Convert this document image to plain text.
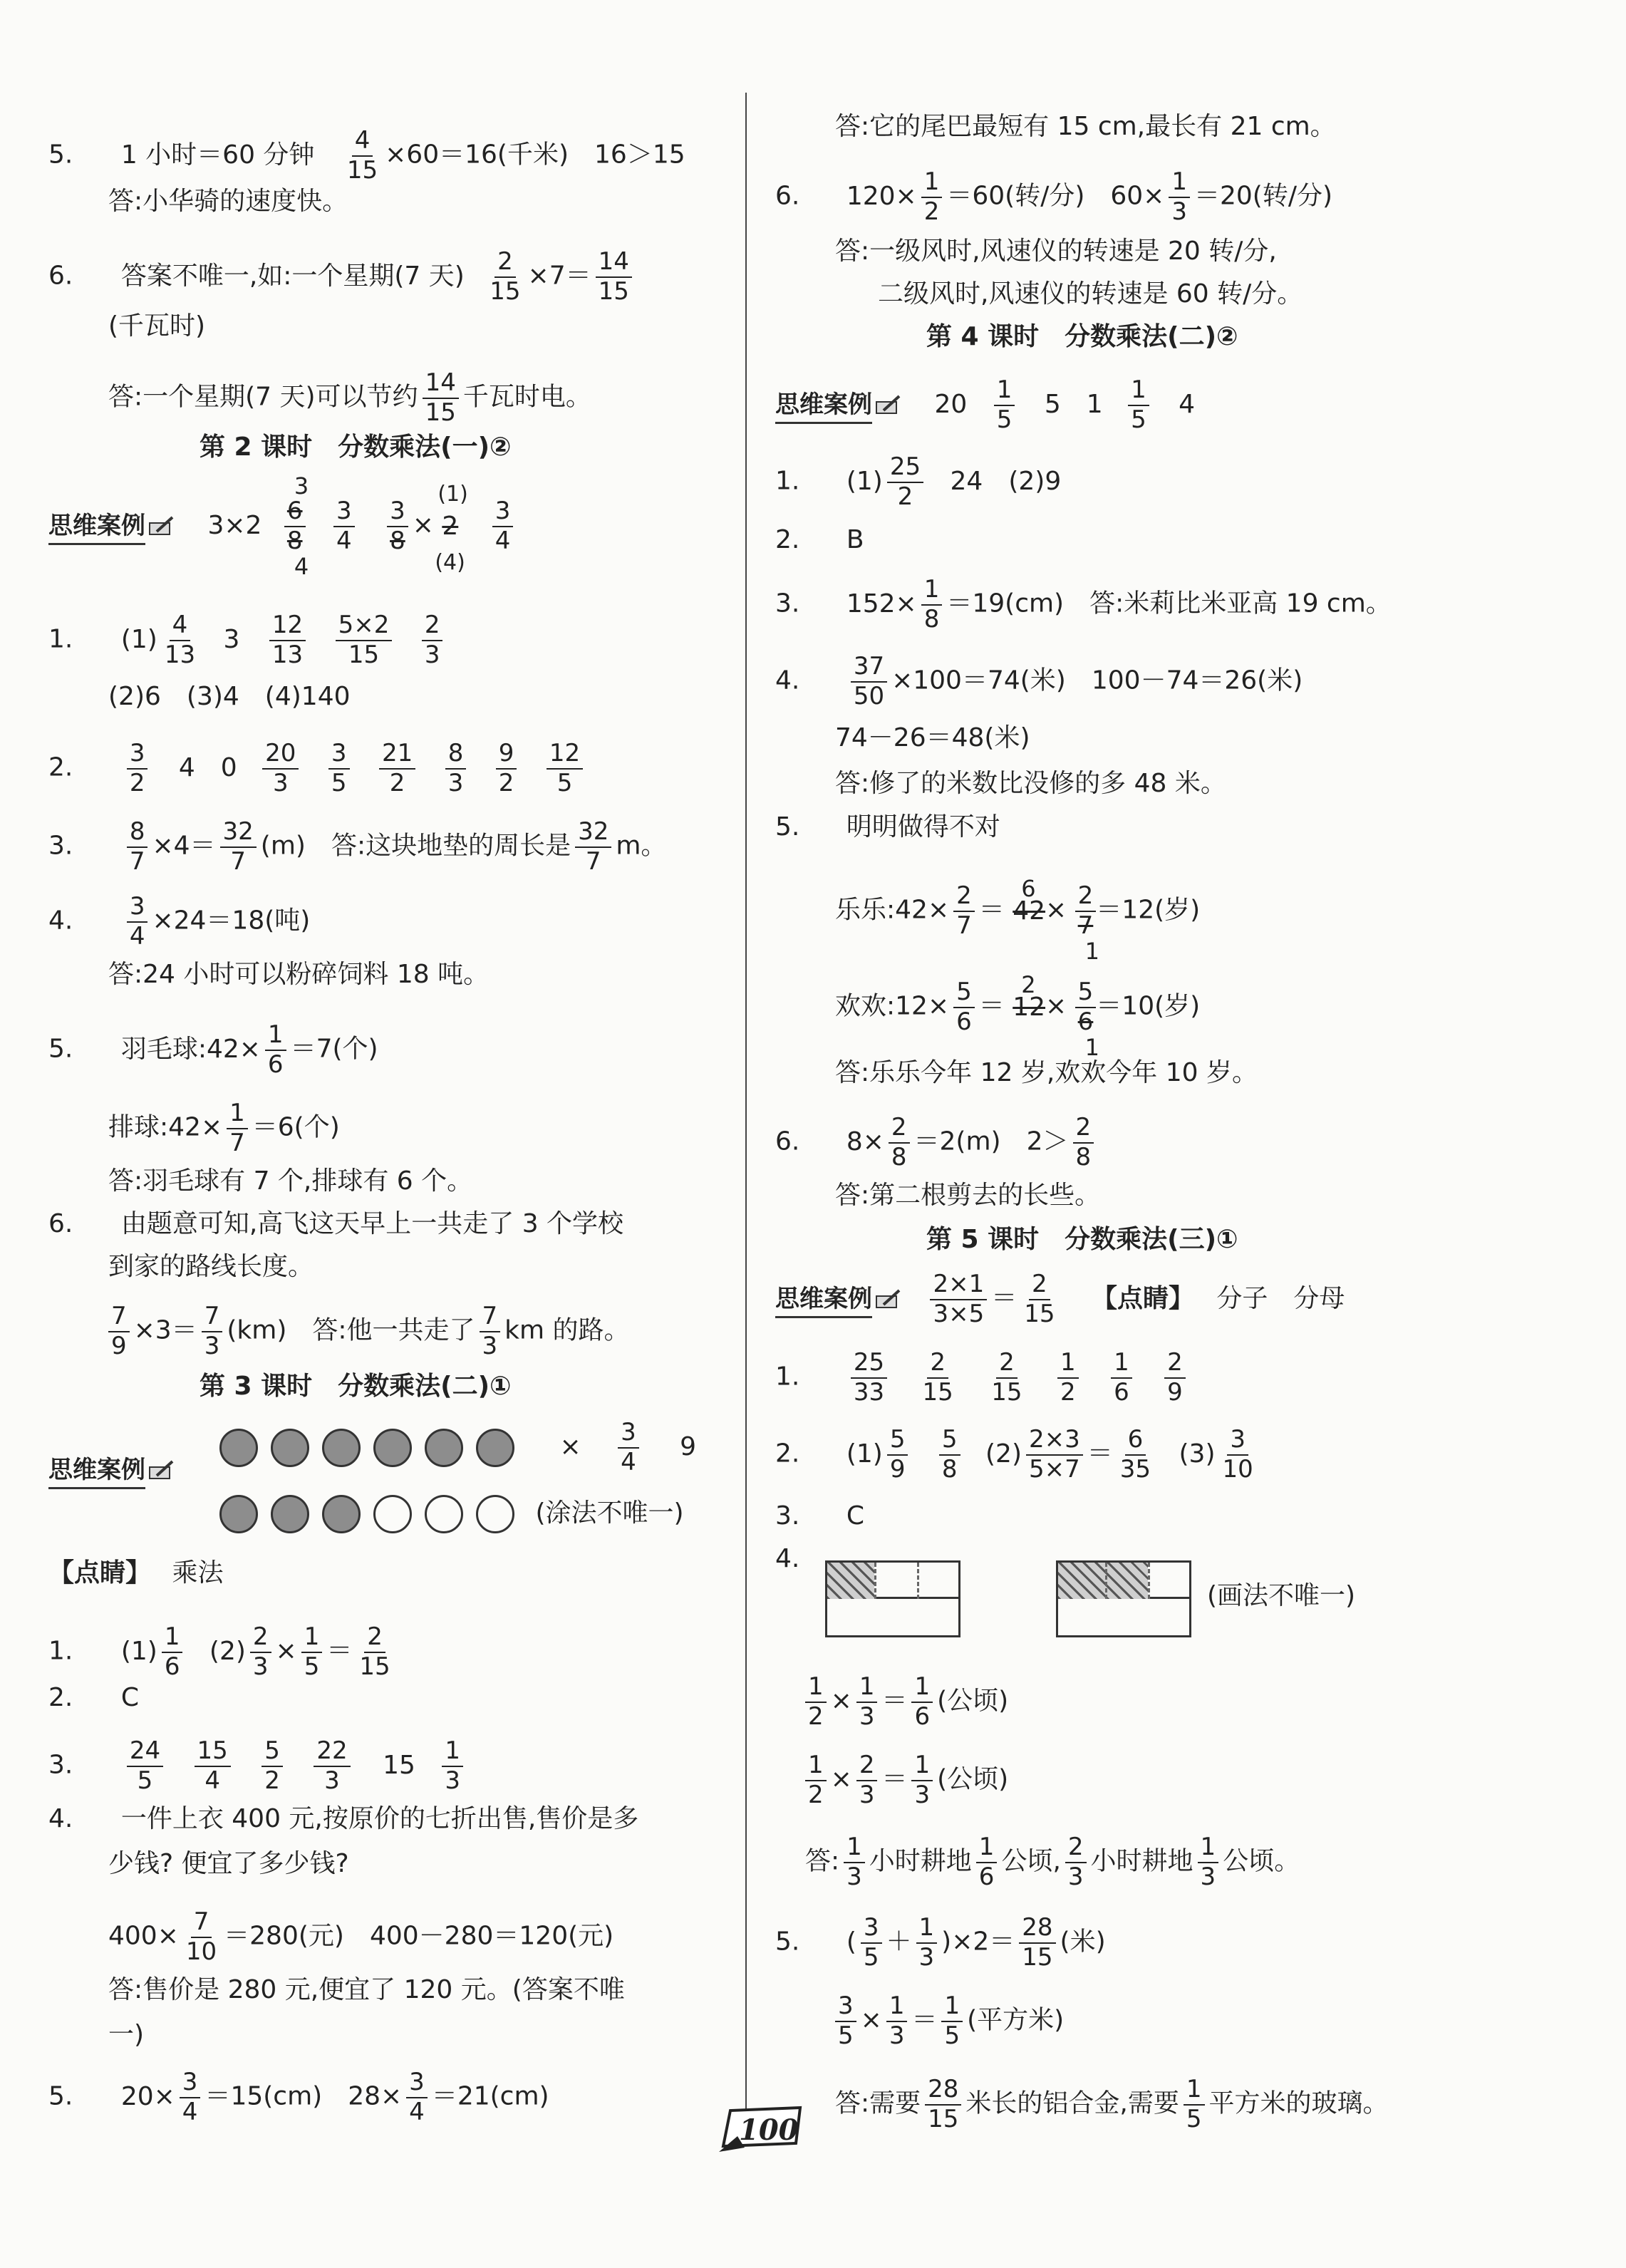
5. 1 小时＝60 分钟 $\frac{4}{15} \times 60=16$(千米)　16＞15
答:小华骑的速度快。
6. 答案不唯一,如:一个星期(7 天) $\frac{2}{15} \times 7= \frac{14}{15}$
(千瓦时)
答:一个星期(7 天)可以节约 $\frac{14}{15}$ 千瓦时电。
第 2 课时　分数乘法(一)②
思维案例 3×2
3
$\frac{6}{8}$
4

$\frac{3}{4}$
$\frac{3}{8}$ ×
(1)
2
(4)

$\frac{3}{4}$
1. $(1) \frac{4}{13} 3 \frac{12}{13}$
$\frac{5\times 2}{15}$
$\frac{2}{3}$
(2)6　(3)4　(4)140
2. $\frac{3}{2} 4$　$0 \frac{20}{3}$
$\frac{3}{5}$
$\frac{21}{2}$
$\frac{8}{3}$
$\frac{9}{2}$
$\frac{12}{5}$
3. $\frac{8}{7} \times 4= \frac{32}{7} (m)$　答:这块地垫的周长是 $\frac{32}{7}$ m。
4. $\frac{3}{4} \times 24=18$(吨)
答:24 小时可以粉碎饲料 18 吨。
5. 羽毛球:42× $\frac{1}{6} =7$(个)
排球:42× $\frac{1}{7} =6$(个)
答:羽毛球有 7 个,排球有 6 个。
6. 由题意可知,高飞这天早上一共走了 3 个学校
到家的路线长度。
$\frac{7}{9} \times 3= \frac{7}{3} (km)$　答:他一共走了 $\frac{7}{3}$ km 的路。
第 3 课时　分数乘法(二)①
思维案例
× $\frac{3}{4} 9$
(涂法不唯一)
【点睛】 乘法
1. $(1) \frac{1}{6} (2) \frac{2}{3} \times \frac{1}{5} = \frac{2}{15}$
2. C
3. $\frac{24}{5}$
$\frac{15}{4}$
$\frac{5}{2}$
$\frac{22}{3} 15 \frac{1}{3}$
4. 一件上衣 400 元,按原价的七折出售,售价是多
少钱? 便宜了多少钱?
$400\times \frac{7}{10} =280$(元)　400－280＝120(元)
答:售价是 280 元,便宜了 120 元。(答案不唯
一)
5. $20\times \frac{3}{4} =15(cm)$　$28\times \frac{3}{4} =21(cm)$
答:它的尾巴最短有 15 cm,最长有 21 cm。
6. $120\times \frac{1}{2} =60$(转/分)　$60\times \frac{1}{3} =20$(转/分)
答:一级风时,风速仪的转速是 20 转/分,
二级风时,风速仪的转速是 60 转/分。
第 4 课时　分数乘法(二)②
思维案例 $20 \frac{1}{5} 5$　$1 \frac{1}{5} 4$
1. $(1) \frac{25}{2} 24$　(2)9
2. B
3. $152\times \frac{1}{8} =19(cm)$　答:米莉比米亚高 19 cm。
4. $\frac{37}{50} \times 100=74$(米)　100－74＝26(米)
74－26＝48(米)
答:修了的米数比没修的多 48 米。
5. 明明做得不对
乐乐:42× $\frac{2}{7}$ ＝
6
$42\times \frac{2}{7}$
1
＝12(岁)
欢欢:12× $\frac{5}{6}$ ＝
2
$12\times \frac{5}{6}$
1
＝10(岁)
答:乐乐今年 12 岁,欢欢今年 10 岁。
6. $8\times \frac{2}{8} =2(m)$　$2> \frac{2}{8}$
答:第二根剪去的长些。
第 5 课时　分数乘法(三)①
思维案例 $\frac{2\times 1}{3\times 5} = \frac{2}{15}$ 【点睛】 分子　分母
1. $\frac{25}{33}$
$\frac{2}{15}$
$\frac{2}{15}$
$\frac{1}{2}$
$\frac{1}{6}$
$\frac{2}{9}$
2. $(1) \frac{5}{9}$
$\frac{5}{8} (2) \frac{2\times 3}{5\times 7} = \frac{6}{35} (3) \frac{3}{10}$
3. C
4.
(画法不唯一)
$\frac{1}{2} \times \frac{1}{3} = \frac{1}{6}$ (公顷)
$\frac{1}{2} \times \frac{2}{3} = \frac{1}{3}$ (公顷)
答: $\frac{1}{3}$ 小时耕地 $\frac{1}{6}$ 公顷, $\frac{2}{3}$ 小时耕地 $\frac{1}{3}$ 公顷。
5. ( $\frac{3}{5} + \frac{1}{3} )\times 2= \frac{28}{15}$ (米)
$\frac{3}{5} \times \frac{1}{3} = \frac{1}{5}$ (平方米)
答:需要 $\frac{28}{15}$ 米长的铝合金,需要 $\frac{1}{5}$ 平方米的玻璃。
100
